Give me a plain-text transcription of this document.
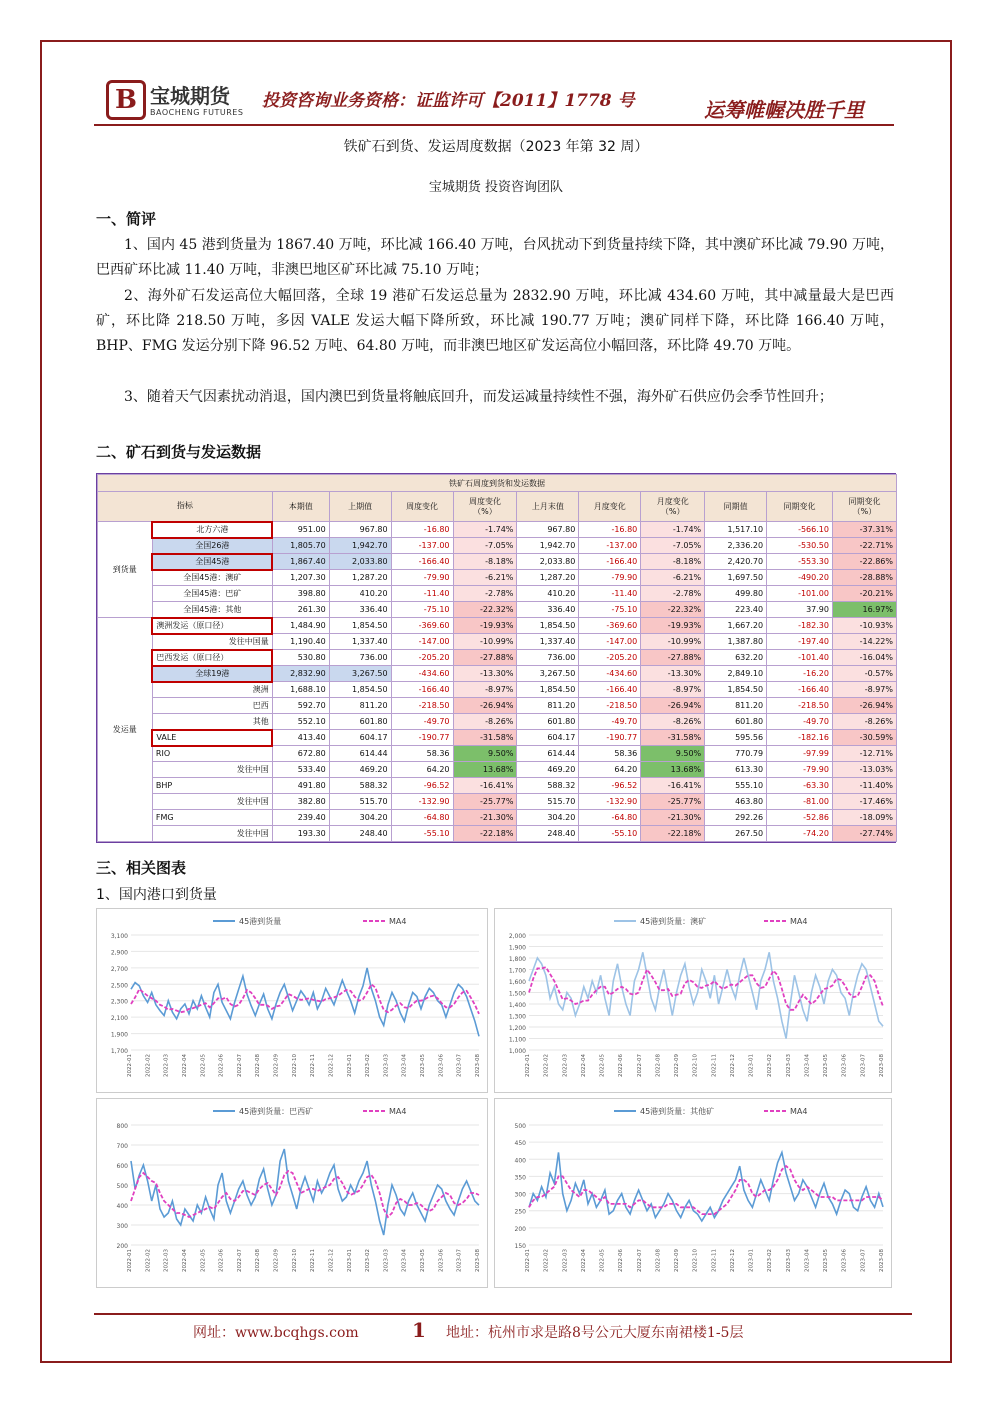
B 宝城期货
BAOCHENG FUTURES
投资咨询业务资格：证监许可【2011】1778 号	运筹帷幄决胜千里
铁矿石到货、发运周度数据（2023 年第 32 周）
宝城期货 投资咨询团队
一、简评
1、国内 45 港到货量为 1867.40 万吨，环比减 166.40 万吨，台风扰动下到货量持续下降，其中澳矿环比减 79.90 万吨，巴西矿环比减 11.40 万吨，非澳巴地区矿环比减 75.10 万吨；
2、海外矿石发运高位大幅回落，全球 19 港矿石发运总量为 2832.90 万吨，环比减 434.60 万吨，其中减量最大是巴西矿，环比降 218.50 万吨，多因 VALE 发运大幅下降所致，环比减 190.77 万吨；澳矿同样下降，环比降 166.40 万吨，BHP、FMG 发运分别下降 96.52 万吨、64.80 万吨，而非澳巴地区矿发运高位小幅回落，环比降 49.70 万吨。
3、随着天气因素扰动消退，国内澳巴到货量将触底回升，而发运减量持续性不强，海外矿石供应仍会季节性回升；
二、矿石到货与发运数据
铁矿石周度到货和发运数据											
指标		本期值	上期值	周度变化	周度变化
（%）	上月末值	月度变化	月度变化
（%）	同期值	同期变化	同期变化
（%）
到货量	北方六港	951.00	967.80	-16.80	-1.74%	967.80	-16.80	-1.74%	1,517.10	-566.10	-37.31%
	全国26港	1,805.70	1,942.70	-137.00	-7.05%	1,942.70	-137.00	-7.05%	2,336.20	-530.50	-22.71%
	全国45港	1,867.40	2,033.80	-166.40	-8.18%	2,033.80	-166.40	-8.18%	2,420.70	-553.30	-22.86%
	全国45港：澳矿	1,207.30	1,287.20	-79.90	-6.21%	1,287.20	-79.90	-6.21%	1,697.50	-490.20	-28.88%
	全国45港：巴矿	398.80	410.20	-11.40	-2.78%	410.20	-11.40	-2.78%	499.80	-101.00	-20.21%
	全国45港：其他	261.30	336.40	-75.10	-22.32%	336.40	-75.10	-22.32%	223.40	37.90	16.97%
发运量	澳洲发运（原口径）	1,484.90	1,854.50	-369.60	-19.93%	1,854.50	-369.60	-19.93%	1,667.20	-182.30	-10.93%
	发往中国量	1,190.40	1,337.40	-147.00	-10.99%	1,337.40	-147.00	-10.99%	1,387.80	-197.40	-14.22%
	巴西发运（原口径）	530.80	736.00	-205.20	-27.88%	736.00	-205.20	-27.88%	632.20	-101.40	-16.04%
	全球19港	2,832.90	3,267.50	-434.60	-13.30%	3,267.50	-434.60	-13.30%	2,849.10	-16.20	-0.57%
	澳洲	1,688.10	1,854.50	-166.40	-8.97%	1,854.50	-166.40	-8.97%	1,854.50	-166.40	-8.97%
	巴西	592.70	811.20	-218.50	-26.94%	811.20	-218.50	-26.94%	811.20	-218.50	-26.94%
	其他	552.10	601.80	-49.70	-8.26%	601.80	-49.70	-8.26%	601.80	-49.70	-8.26%
	VALE	413.40	604.17	-190.77	-31.58%	604.17	-190.77	-31.58%	595.56	-182.16	-30.59%
	RIO	672.80	614.44	58.36	9.50%	614.44	58.36	9.50%	770.79	-97.99	-12.71%
	发往中国	533.40	469.20	64.20	13.68%	469.20	64.20	13.68%	613.30	-79.90	-13.03%
	BHP	491.80	588.32	-96.52	-16.41%	588.32	-96.52	-16.41%	555.10	-63.30	-11.40%
	发往中国	382.80	515.70	-132.90	-25.77%	515.70	-132.90	-25.77%	463.80	-81.00	-17.46%
	FMG	239.40	304.20	-64.80	-21.30%	304.20	-64.80	-21.30%	292.26	-52.86	-18.09%
	发往中国	193.30	248.40	-55.10	-22.18%	248.40	-55.10	-22.18%	267.50	-74.20	-27.74%
三、相关图表
1、国内港口到货量
1,700
1,900
2,100
2,300
2,500
2,700
2,900
3,100
2022-01 2022-02 2022-03 2022-04 2022-05 2022-06 2022-07 2022-08 2022-09 2022-10 2022-11 2022-12 2023-01 2023-02 2023-03 2023-04 2023-05 2023-06 2023-07 2023-08
45港到货量	MA4
1,000
1,100
1,200
1,300
1,400
1,500
1,600
1,700
1,800
1,900
2,000
2022-01 2022-02 2022-03 2022-04 2022-05 2022-06 2022-07 2022-08 2022-09 2022-10 2022-11 2022-12 2023-01 2023-02 2023-03 2023-04 2023-05 2023-06 2023-07 2023-08
45港到货量：澳矿	MA4
200
300
400
500
600
700
800
2022-01 2022-02 2022-03 2022-04 2022-05 2022-06 2022-07 2022-08 2022-09 2022-10 2022-11 2022-12 2023-01 2023-02 2023-03 2023-04 2023-05 2023-06 2023-07 2023-08
45港到货量：巴西矿	MA4
150
200
250
300
350
400
450
500
2022-01 2022-02 2022-03 2022-04 2022-05 2022-06 2022-07 2022-08 2022-09 2022-10 2022-11 2022-12 2023-01 2023-02 2023-03 2023-04 2023-05 2023-06 2023-07 2023-08
45港到货量：其他矿	MA4
网址：www.bcqhgs.com	1 地址：杭州市求是路8号公元大厦东南裙楼1-5层
